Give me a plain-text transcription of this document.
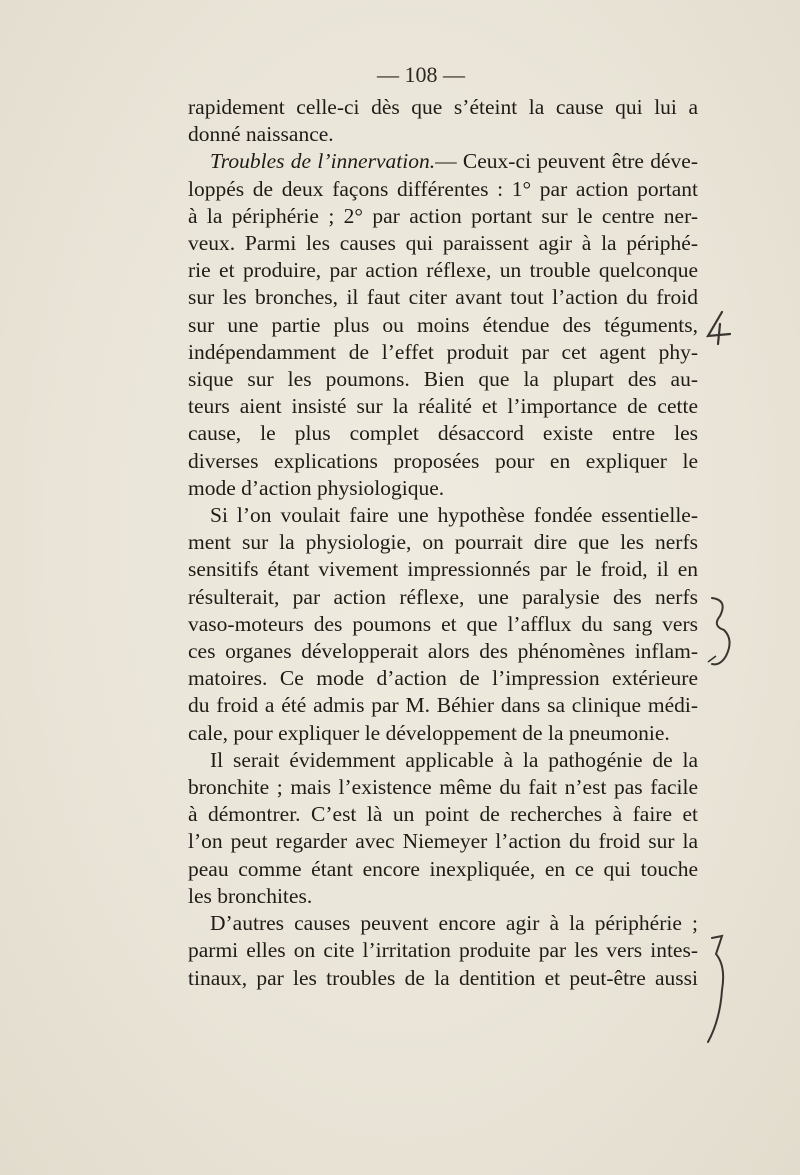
— 108 —
rapidement celle-ci dès que s’éteint la cause qui lui a
donné naissance.
Troubles de l’innervation.— Ceux-ci peuvent être déve-
loppés de deux façons différentes : 1° par action portant
à la périphérie ; 2° par action portant sur le centre ner-
veux. Parmi les causes qui paraissent agir à la périphé-
rie et produire, par action réflexe, un trouble quelconque
sur les bronches, il faut citer avant tout l’action du froid
sur une partie plus ou moins étendue des téguments,
indépendamment de l’effet produit par cet agent phy-
sique sur les poumons. Bien que la plupart des au-
teurs aient insisté sur la réalité et l’importance de cette
cause, le plus complet désaccord existe entre les
diverses explications proposées pour en expliquer le
mode d’action physiologique.
Si l’on voulait faire une hypothèse fondée essentielle-
ment sur la physiologie, on pourrait dire que les nerfs
sensitifs étant vivement impressionnés par le froid, il en
résulterait, par action réflexe, une paralysie des nerfs
vaso-moteurs des poumons et que l’afflux du sang vers
ces organes développerait alors des phénomènes inflam-
matoires. Ce mode d’action de l’impression extérieure
du froid a été admis par M. Béhier dans sa clinique médi-
cale, pour expliquer le développement de la pneumonie.
Il serait évidemment applicable à la pathogénie de la
bronchite ; mais l’existence même du fait n’est pas facile
à démontrer. C’est là un point de recherches à faire et
l’on peut regarder avec Niemeyer l’action du froid sur la
peau comme étant encore inexpliquée, en ce qui touche
les bronchites.
D’autres causes peuvent encore agir à la périphérie ;
parmi elles on cite l’irritation produite par les vers intes-
tinaux, par les troubles de la dentition et peut-être aussi
